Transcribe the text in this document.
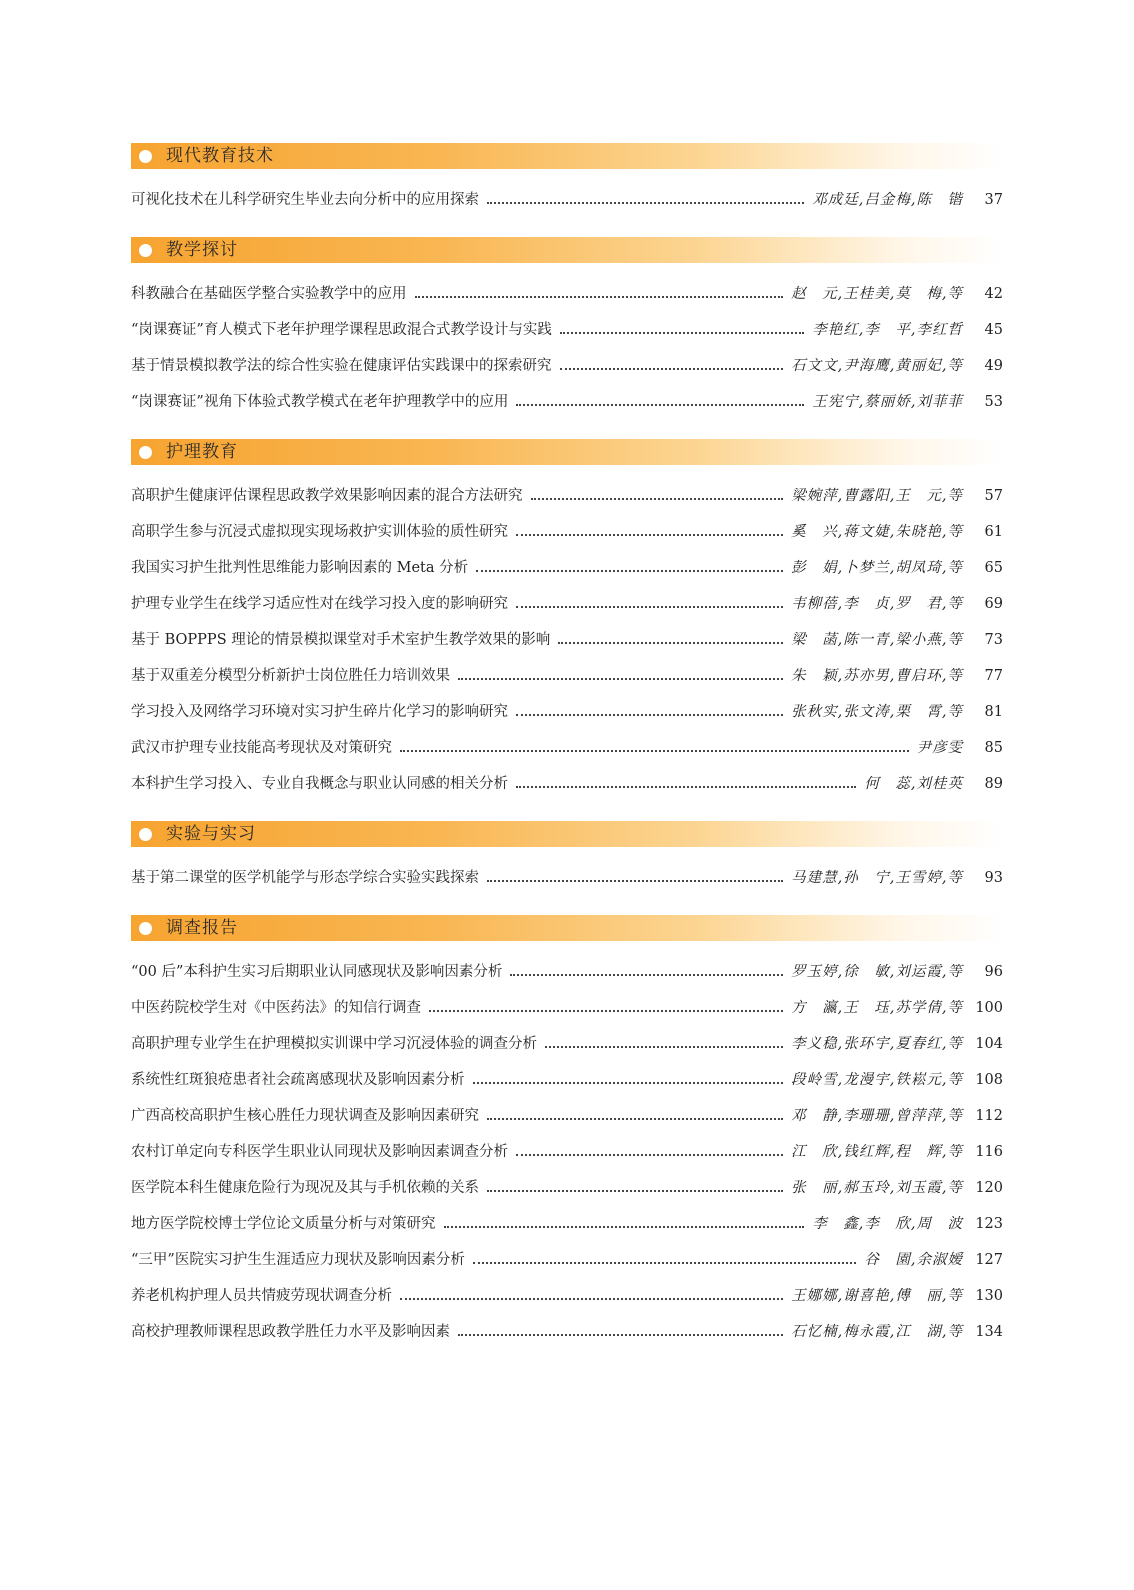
现代教育技术
可视化技术在儿科学研究生毕业去向分析中的应用探索	邓成廷,吕金梅,陈　锴	37
教学探讨
科教融合在基础医学整合实验教学中的应用	赵　元,王桂美,莫　梅,等	42
“岗课赛证”育人模式下老年护理学课程思政混合式教学设计与实践	李艳红,李　平,李红哲	45
基于情景模拟教学法的综合性实验在健康评估实践课中的探索研究	石文文,尹海鹰,黄丽妃,等	49
“岗课赛证”视角下体验式教学模式在老年护理教学中的应用	王宪宁,蔡丽娇,刘菲菲	53
护理教育
高职护生健康评估课程思政教学效果影响因素的混合方法研究	梁婉萍,曹露阳,王　元,等	57
高职学生参与沉浸式虚拟现实现场救护实训体验的质性研究	奚　兴,蒋文婕,朱晓艳,等	61
我国实习护生批判性思维能力影响因素的 Meta 分析	彭　娟,卜梦兰,胡凤琦,等	65
护理专业学生在线学习适应性对在线学习投入度的影响研究	韦柳蓓,李　贞,罗　君,等	69
基于 BOPPPS 理论的情景模拟课堂对手术室护生教学效果的影响	梁　菡,陈一青,梁小燕,等	73
基于双重差分模型分析新护士岗位胜任力培训效果	朱　颖,苏亦男,曹启环,等	77
学习投入及网络学习环境对实习护生碎片化学习的影响研究	张秋实,张文涛,栗　霄,等	81
武汉市护理专业技能高考现状及对策研究	尹彦雯	85
本科护生学习投入、专业自我概念与职业认同感的相关分析	何　蕊,刘桂英	89
实验与实习
基于第二课堂的医学机能学与形态学综合实验实践探索	马建慧,孙　宁,王雪婷,等	93
调查报告
“00 后”本科护生实习后期职业认同感现状及影响因素分析	罗玉婷,徐　敏,刘运霞,等	96
中医药院校学生对《中医药法》的知信行调查	方　瀛,王　珏,苏学倩,等 100
高职护理专业学生在护理模拟实训课中学习沉浸体验的调查分析	李义稳,张环宇,夏春红,等 104
系统性红斑狼疮患者社会疏离感现状及影响因素分析	段岭雪,龙漫宇,铁崧元,等 108
广西高校高职护生核心胜任力现状调查及影响因素研究	邓　静,李珊珊,曾萍萍,等 112
农村订单定向专科医学生职业认同现状及影响因素调查分析	江　欣,钱红辉,程　辉,等 116
医学院本科生健康危险行为现况及其与手机依赖的关系	张　丽,郝玉玲,刘玉霞,等 120
地方医学院校博士学位论文质量分析与对策研究	李　鑫,李　欣,周　波 123
“三甲”医院实习护生生涯适应力现状及影响因素分析	谷　園,余淑嫒 127
养老机构护理人员共情疲劳现状调查分析	王娜娜,谢喜艳,傅　丽,等 130
高校护理教师课程思政教学胜任力水平及影响因素	石忆楠,梅永霞,江　湖,等 134
